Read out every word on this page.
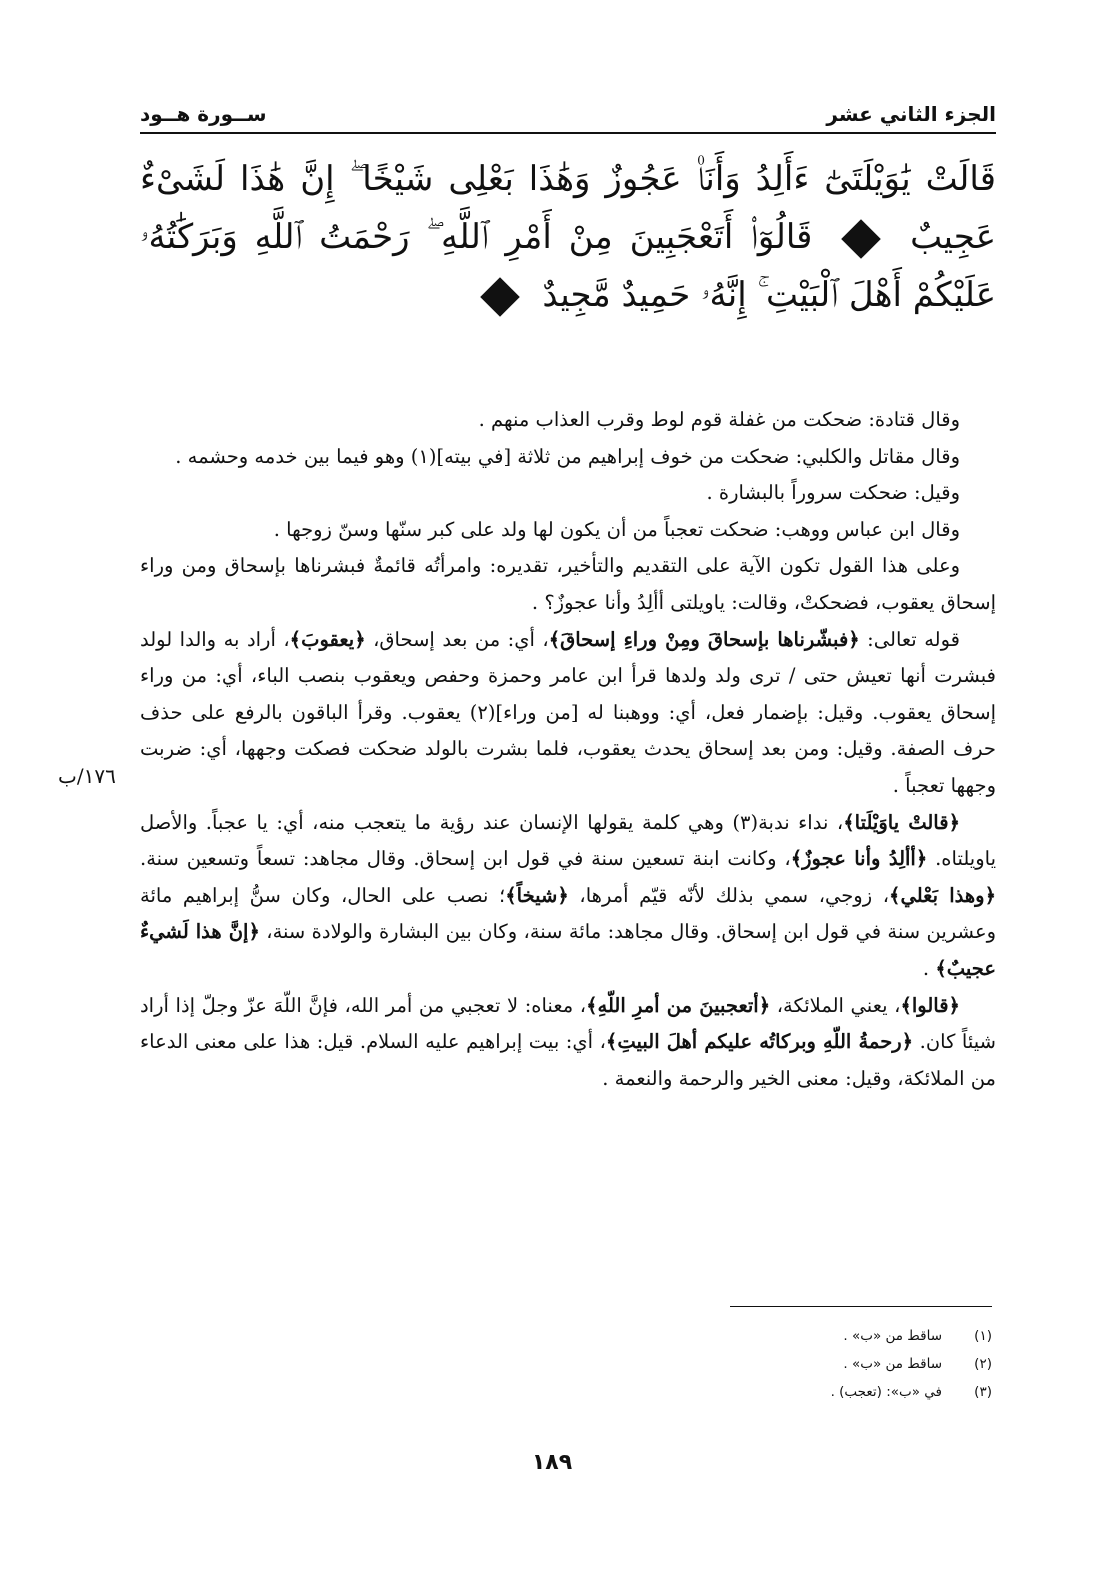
الجزء الثاني عشر
ســورة هــود
قَالَتْ يَٰوَيْلَتَىٰٓ ءَأَلِدُ وَأَنَا۠ عَجُوزٌ وَهَٰذَا بَعْلِى شَيْخًا ۖ إِنَّ هَٰذَا لَشَىْءٌ عَجِيبٌ
٧٢
قَالُوٓا۟ أَتَعْجَبِينَ مِنْ أَمْرِ ٱللَّهِ ۖ رَحْمَتُ ٱللَّهِ وَبَرَكَٰتُهُۥ عَلَيْكُمْ أَهْلَ ٱلْبَيْتِ ۚ إِنَّهُۥ حَمِيدٌ مَّجِيدٌ
٧٣

وقال قتادة: ضحكت من غفلة قوم لوط وقرب العذاب منهم .

وقال مقاتل والكلبي: ضحكت من خوف إبراهيم من ثلاثة [في بيته](١) وهو فيما بين خدمه وحشمه .

وقيل: ضحكت سروراً بالبشارة .

وقال ابن عباس ووهب: ضحكت تعجباً من أن يكون لها ولد على كبر سنّها وسنّ زوجها .

وعلى هذا القول تكون الآية على التقديم والتأخير، تقديره: وامرأتُه قائمةٌ فبشرناها بإسحاق ومن وراء إسحاق يعقوب، فضحكتْ، وقالت: ياويلتى أألِدُ وأنا عجوزٌ؟ .

قوله تعالى: ﴿فبشّرناها بإسحاقَ ومِنْ وراءِ إسحاقَ﴾، أي: من بعد إسحاق، ﴿يعقوبَ﴾، أراد به والدا لولد فبشرت أنها تعيش حتى / ترى ولد ولدها قرأ ابن عامر وحمزة وحفص ويعقوب بنصب الباء، أي: من وراء إسحاق يعقوب. وقيل: بإضمار فعل، أي: ووهبنا له [من وراء](٢) يعقوب. وقرأ الباقون بالرفع على حذف حرف الصفة. وقيل: ومن بعد إسحاق يحدث يعقوب، فلما بشرت بالولد ضحكت فصكت وجهها، أي: ضربت وجهها تعجباً .

﴿قالتْ ياوَيْلَتا﴾، نداء ندبة(٣) وهي كلمة يقولها الإنسان عند رؤية ما يتعجب منه، أي: يا عجباً. والأصل ياويلتاه. ﴿أألِدُ وأنا عجوزٌ﴾، وكانت ابنة تسعين سنة في قول ابن إسحاق. وقال مجاهد: تسعاً وتسعين سنة. ﴿وهذا بَعْلي﴾، زوجي، سمي بذلك لأنّه قيّم أمرها، ﴿شيخاً﴾؛ نصب على الحال، وكان سنُّ إبراهيم مائة وعشرين سنة في قول ابن إسحاق. وقال مجاهد: مائة سنة، وكان بين البشارة والولادة سنة، ﴿إنَّ هذا لَشيءٌ عجيبٌ﴾ .

﴿قالوا﴾، يعني الملائكة، ﴿أتعجبينَ من أمرِ اللّهِ﴾، معناه: لا تعجبي من أمر الله، فإنَّ اللّهَ عزّ وجلّ إذا أراد شيئاً كان. ﴿رحمةُ اللّهِ وبركاتُه عليكم أهلَ البيتِ﴾، أي: بيت إبراهيم عليه السلام. قيل: هذا على معنى الدعاء من الملائكة، وقيل: معنى الخير والرحمة والنعمة .

١٧٦/ب
(١)
ساقط من «ب» .
(٢)
ساقط من «ب» .
(٣)
في «ب»: (تعجب) .
١٨٩
